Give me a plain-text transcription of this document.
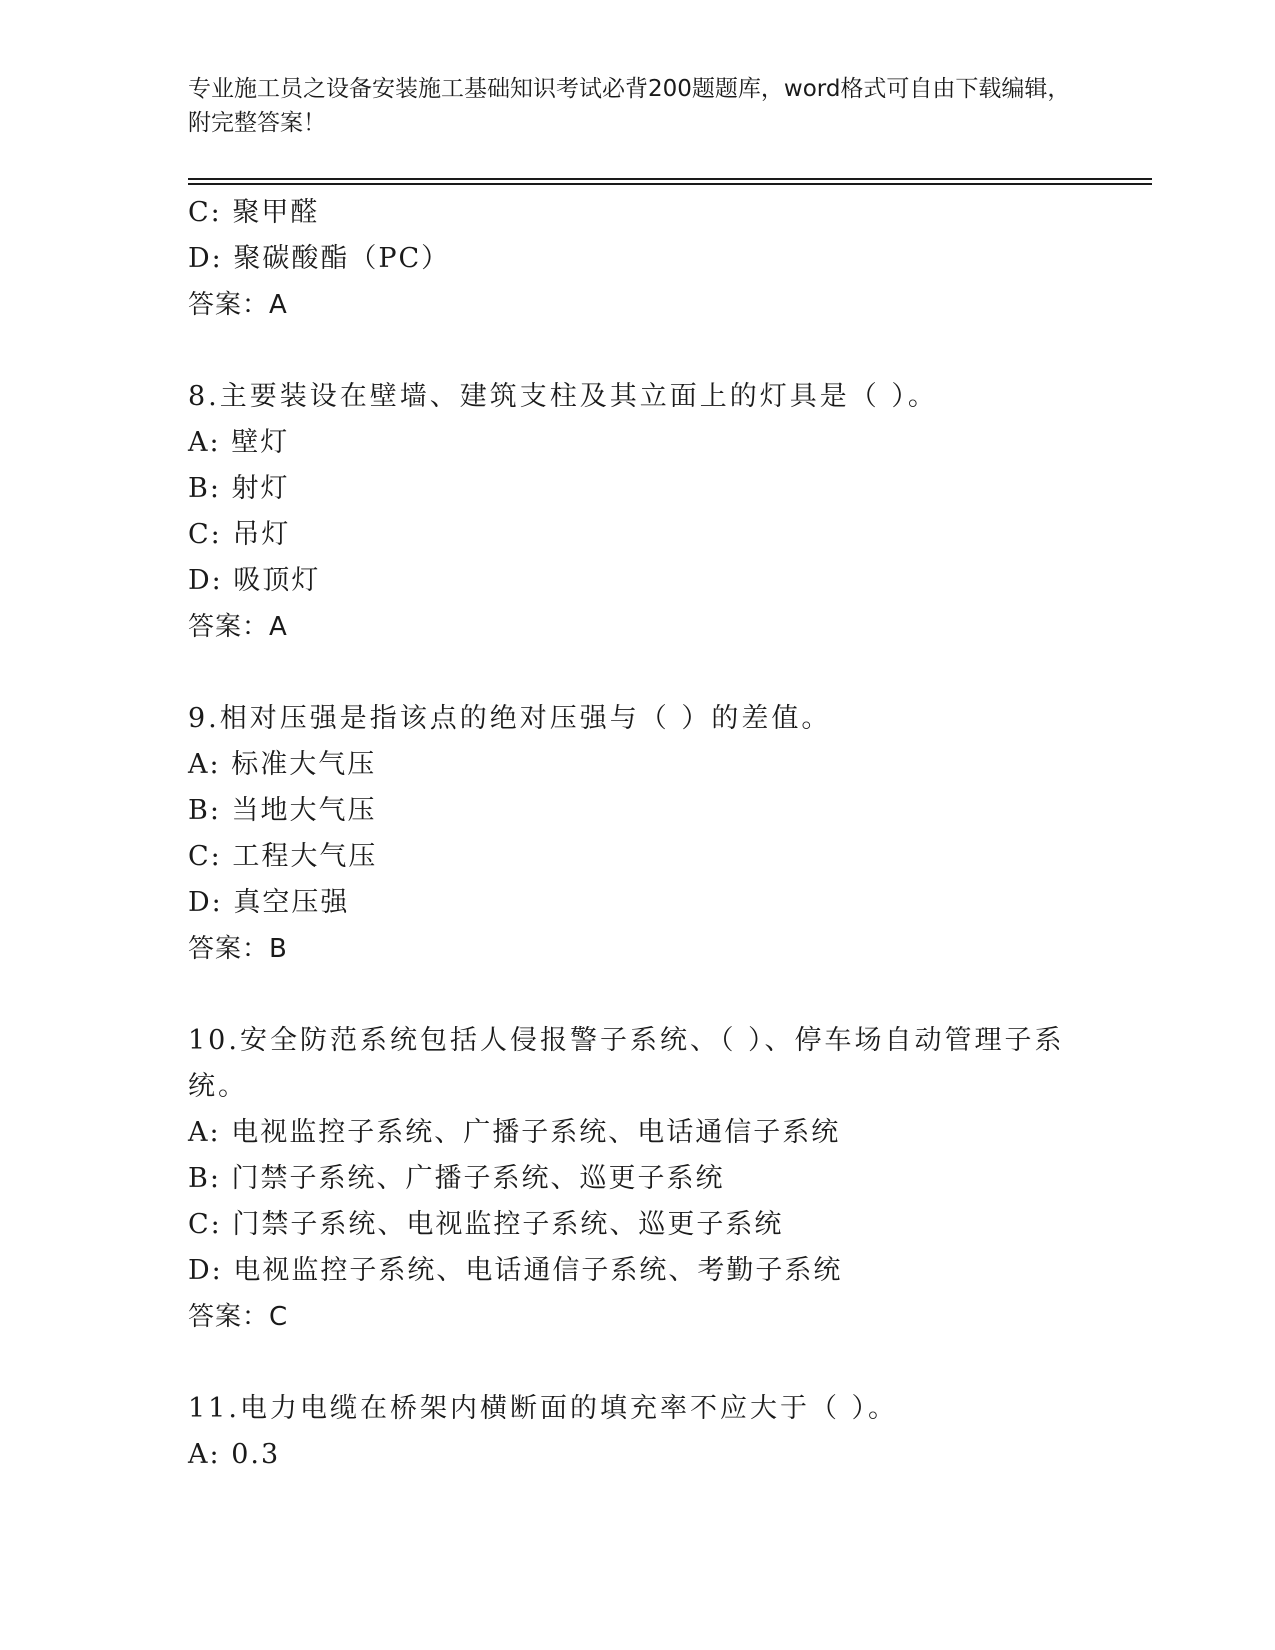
专业施工员之设备安装施工基础知识考试必背200题题库，word格式可自由下载编辑，附完整答案！
C: 聚甲醛
D: 聚碳酸酯（PC）
答案：A
8.主要装设在壁墙、建筑支柱及其立面上的灯具是（ ）。
A: 壁灯
B: 射灯
C: 吊灯
D: 吸顶灯
答案：A
9.相对压强是指该点的绝对压强与（ ）的差值。
A: 标准大气压
B: 当地大气压
C: 工程大气压
D: 真空压强
答案：B
10.安全防范系统包括人侵报警子系统、（ ）、停车场自动管理子系统。
A: 电视监控子系统、广播子系统、电话通信子系统
B: 门禁子系统、广播子系统、巡更子系统
C: 门禁子系统、电视监控子系统、巡更子系统
D: 电视监控子系统、电话通信子系统、考勤子系统
答案：C
11.电力电缆在桥架内横断面的填充率不应大于（ ）。
A: 0.3
